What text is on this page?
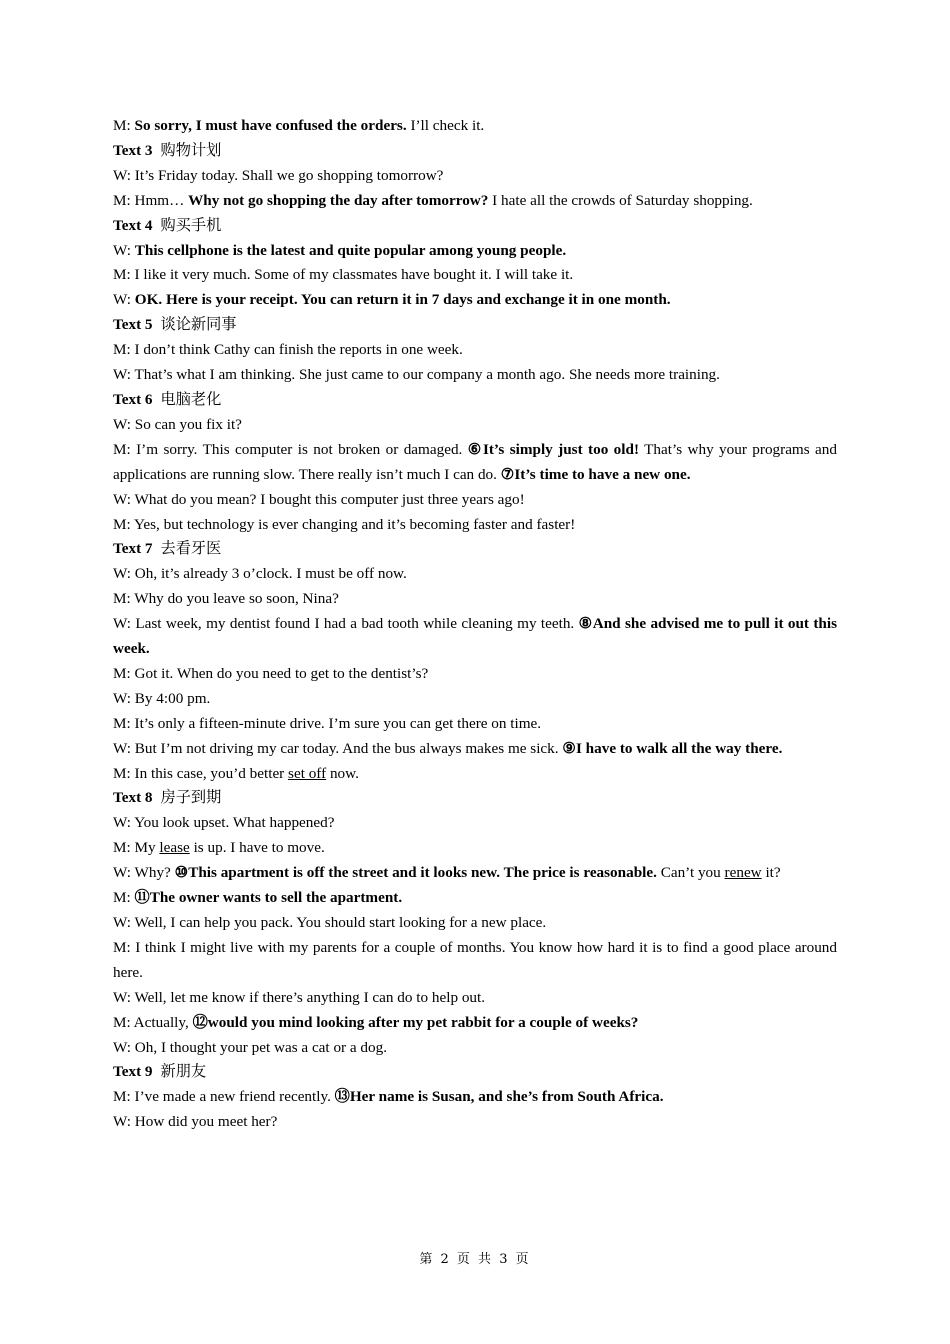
M: So sorry, I must have confused the orders. I’ll check it.

Text 3 购物计划

W: It’s Friday today. Shall we go shopping tomorrow?

M: Hmm… Why not go shopping the day after tomorrow? I hate all the crowds of Saturday shopping.

Text 4 购买手机

W: This cellphone is the latest and quite popular among young people.

M: I like it very much. Some of my classmates have bought it. I will take it.

W: OK. Here is your receipt. You can return it in 7 days and exchange it in one month.

Text 5 谈论新同事

M: I don’t think Cathy can finish the reports in one week.

W: That’s what I am thinking. She just came to our company a month ago. She needs more training.

Text 6 电脑老化

W: So can you fix it?

M: I’m sorry. This computer is not broken or damaged. ⑥It’s simply just too old! That’s why your programs and applications are running slow. There really isn’t much I can do. ⑦It’s time to have a new one.

W: What do you mean? I bought this computer just three years ago!

M: Yes, but technology is ever changing and it’s becoming faster and faster!

Text 7 去看牙医

W: Oh, it’s already 3 o’clock. I must be off now.

M: Why do you leave so soon, Nina?

W: Last week, my dentist found I had a bad tooth while cleaning my teeth. ⑧And she advised me to pull it out this week.

M: Got it. When do you need to get to the dentist’s?

W: By 4:00 pm.

M: It’s only a fifteen-minute drive. I’m sure you can get there on time.

W: But I’m not driving my car today. And the bus always makes me sick. ⑨I have to walk all the way there.

M: In this case, you’d better set off now.

Text 8 房子到期

W: You look upset. What happened?

M: My lease is up. I have to move.

W: Why? ⑩This apartment is off the street and it looks new. The price is reasonable. Can’t you renew it?

M: ⑪The owner wants to sell the apartment.

W: Well, I can help you pack. You should start looking for a new place.

M: I think I might live with my parents for a couple of months. You know how hard it is to find a good place around here.

W: Well, let me know if there’s anything I can do to help out.

M: Actually, ⑫would you mind looking after my pet rabbit for a couple of weeks?

W: Oh, I thought your pet was a cat or a dog.

Text 9 新朋友

M: I’ve made a new friend recently. ⑬Her name is Susan, and she’s from South Africa.

W: How did you meet her?

第 2 页 共 3 页
